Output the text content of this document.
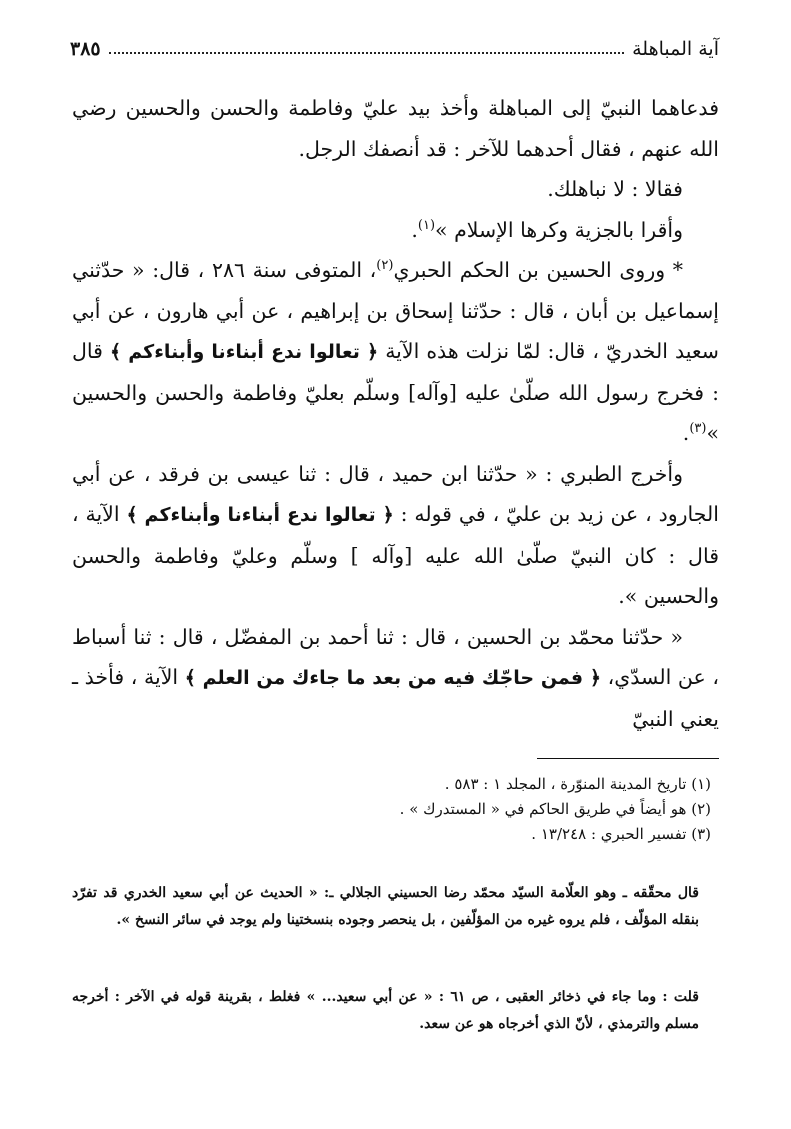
آية المباهلة
٣٨٥

فدعاهما النبيّ إلى المباهلة وأخذ بيد عليّ وفاطمة والحسن والحسين رضي الله عنهم ، فقال أحدهما للآخر : قد أنصفك الرجل.

فقالا : لا نباهلك.

وأقرا بالجزية وكرها الإسلام »$^{(١)}$.

* وروى الحسين بن الحكم الحبري$^{(٢)}$، المتوفى سنة ٢٨٦ ، قال: « حدّثني إسماعيل بن أبان ، قال : حدّثنا إسحاق بن إبراهيم ، عن أبي هارون ، عن أبي سعيد الخدريّ ، قال: لمّا نزلت هذه الآية ﴿ تعالوا ندع أبناءنا وأبناءكم ﴾ قال : فخرج رسول الله صلّىٰ عليه [وآله] وسلّم بعليّ وفاطمة والحسن والحسين »$^{(٣)}$.

وأخرج الطبري : « حدّثنا ابن حميد ، قال : ثنا عيسى بن فرقد ، عن أبي الجارود ، عن زيد بن عليّ ، في قوله : ﴿ تعالوا ندع أبناءنا وأبناءكم ﴾ الآية ، قال : كان النبيّ صلّىٰ الله عليه [وآله ] وسلّم وعليّ وفاطمة والحسن والحسين ».

« حدّثنا محمّد بن الحسين ، قال : ثنا أحمد بن المفضّل ، قال : ثنا أسباط ، عن السدّي، ﴿ فمن حاجّك فيه من بعد ما جاءك من العلم ﴾ الآية ، فأخذ ـ يعني النبيّ

(١) تاريخ المدينة المنوّرة ، المجلد ١ : ٥٨٣ .

(٢) هو أيضاً في طريق الحاكم في « المستدرك » .

(٣) تفسير الحبري : ١٣/٢٤٨ .

قال محقّقه ـ وهو العلّامة السيّد محمّد رضا الحسيني الجلالي ـ: « الحديث عن أبي سعيد الخدري قد تفرّد بنقله المؤلّف ، فلم يروه غيره من المؤلّفين ، بل ينحصر وجوده بنسختينا ولم يوجد في سائر النسخ ».

قلت : وما جاء في ذخائر العقبى ، ص ٦١ : « عن أبي سعيد... » فغلط ، بقرينة قوله في الآخر : أخرجه مسلم والترمذي ، لأنّ الذي أخرجاه هو عن سعد.
